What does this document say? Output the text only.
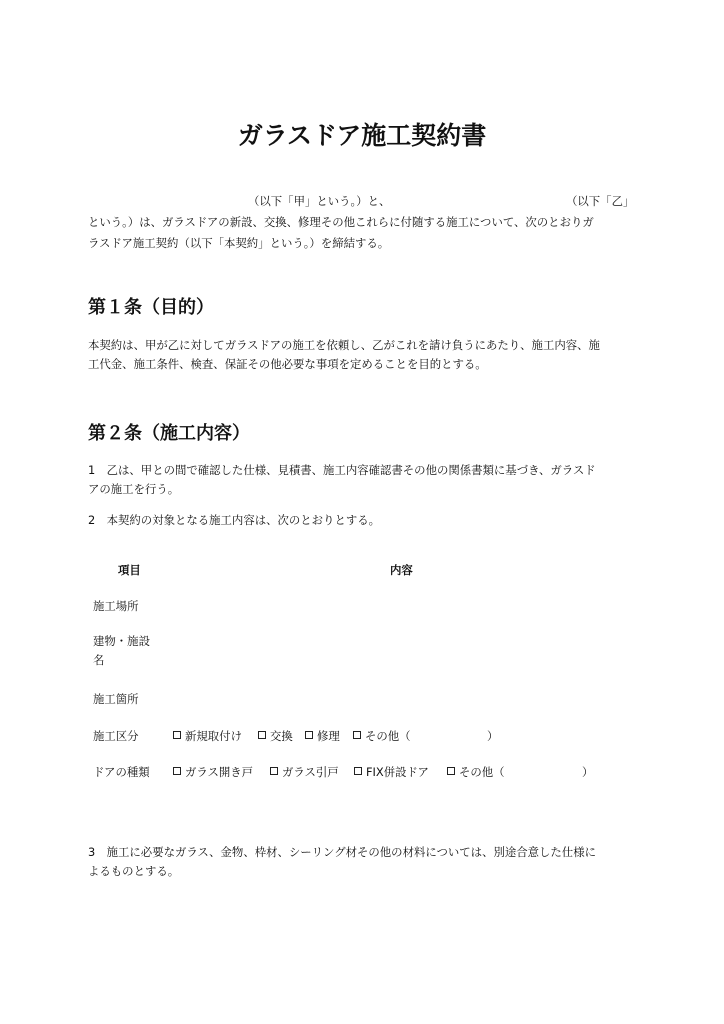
ガラスドア施工契約書
（以下「甲」という。）と、	（以下「乙」
という。）は、ガラスドアの新設、交換、修理その他これらに付随する施工について、次のとおりガ
ラスドア施工契約（以下「本契約」という。）を締結する。
第１条（目的）
本契約は、甲が乙に対してガラスドアの施工を依頼し、乙がこれを請け負うにあたり、施工内容、施
工代金、施工条件、検査、保証その他必要な事項を定めることを目的とする。
第２条（施工内容）
1　乙は、甲との間で確認した仕様、見積書、施工内容確認書その他の関係書類に基づき、ガラスド
アの施工を行う。
2　本契約の対象となる施工内容は、次のとおりとする。
項目	内容
施工場所
建物・施設
名
施工箇所
施工区分	新規取付け	交換	修理	その他（	）
ドアの種類	ガラス開き戸	ガラス引戸	FIX併設ドア	その他（	）
3　施工に必要なガラス、金物、枠材、シーリング材その他の材料については、別途合意した仕様に
よるものとする。
